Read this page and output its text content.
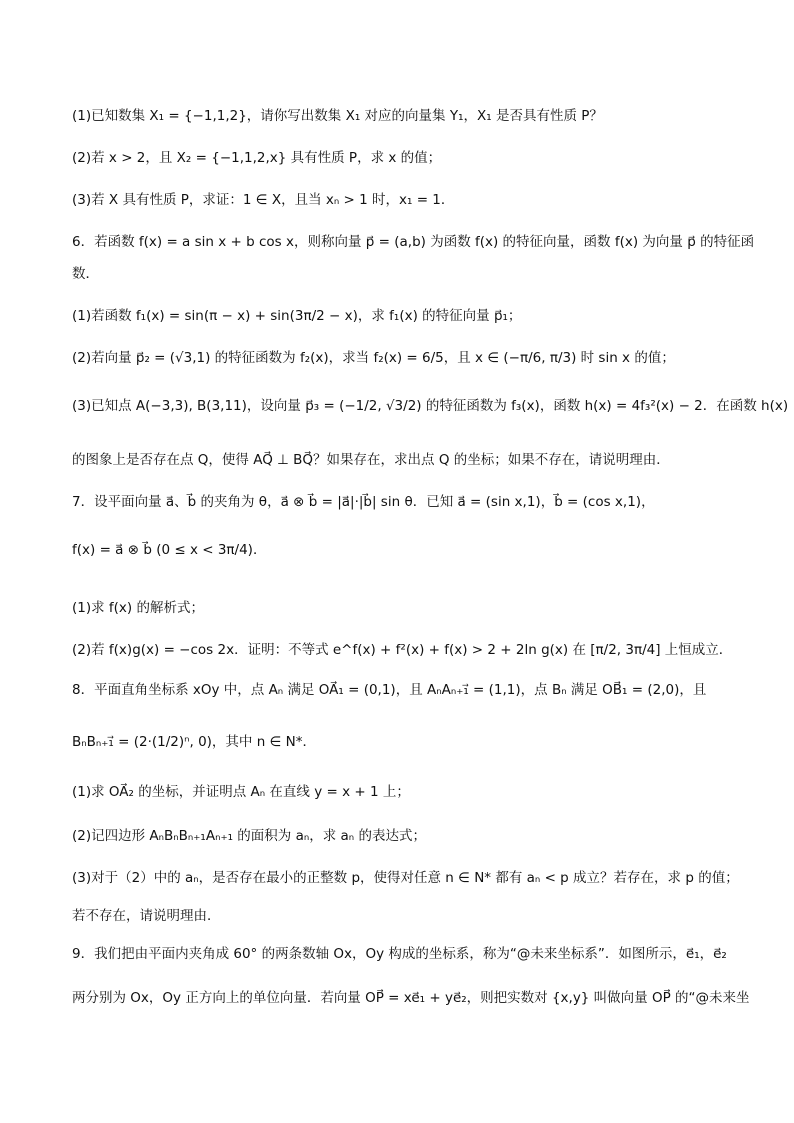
(1)已知数集 X₁ = {−1,1,2}，请你写出数集 X₁ 对应的向量集 Y₁，X₁ 是否具有性质 P？
(2)若 x > 2，且 X₂ = {−1,1,2,x} 具有性质 P，求 x 的值；
(3)若 X 具有性质 P，求证：1 ∈ X，且当 xₙ > 1 时，x₁ = 1．
6．若函数 f(x) = a sin x + b cos x，则称向量 p⃗ = (a,b) 为函数 f(x) 的特征向量，函数 f(x) 为向量 p⃗ 的特征函
数．
(1)若函数 f₁(x) = sin(π − x) + sin(3π/2 − x)，求 f₁(x) 的特征向量 p⃗₁；
(2)若向量 p⃗₂ = (√3,1) 的特征函数为 f₂(x)，求当 f₂(x) = 6/5，且 x ∈ (−π/6, π/3) 时 sin x 的值；
(3)已知点 A(−3,3), B(3,11)，设向量 p⃗₃ = (−1/2, √3/2) 的特征函数为 f₃(x)，函数 h(x) = 4f₃²(x) − 2．在函数 h(x)
的图象上是否存在点 Q，使得 AQ⃗ ⊥ BQ⃗？如果存在，求出点 Q 的坐标；如果不存在，请说明理由．
7．设平面向量 a⃗、b⃗ 的夹角为 θ，a⃗ ⊗ b⃗ = |a⃗|·|b⃗| sin θ．已知 a⃗ = (sin x,1)，b⃗ = (cos x,1)，
f(x) = a⃗ ⊗ b⃗ (0 ≤ x < 3π/4)．
(1)求 f(x) 的解析式；
(2)若 f(x)g(x) = −cos 2x．证明：不等式 e^f(x) + f²(x) + f(x) > 2 + 2ln g(x) 在 [π/2, 3π/4] 上恒成立．
8．平面直角坐标系 xOy 中，点 Aₙ 满足 OA⃗₁ = (0,1)，且 AₙAₙ₊₁⃗ = (1,1)，点 Bₙ 满足 OB⃗₁ = (2,0)，且
BₙBₙ₊₁⃗ = (2·(1/2)ⁿ, 0)，其中 n ∈ N*．
(1)求 OA⃗₂ 的坐标，并证明点 Aₙ 在直线 y = x + 1 上；
(2)记四边形 AₙBₙBₙ₊₁Aₙ₊₁ 的面积为 aₙ，求 aₙ 的表达式；
(3)对于（2）中的 aₙ，是否存在最小的正整数 p，使得对任意 n ∈ N* 都有 aₙ < p 成立？若存在，求 p 的值；
若不存在，请说明理由．
9．我们把由平面内夹角成 60° 的两条数轴 Ox，Oy 构成的坐标系，称为“@未来坐标系”．如图所示，e⃗₁，e⃗₂
两分别为 Ox，Oy 正方向上的单位向量．若向量 OP⃗ = xe⃗₁ + ye⃗₂，则把实数对 {x,y} 叫做向量 OP⃗ 的“@未来坐
